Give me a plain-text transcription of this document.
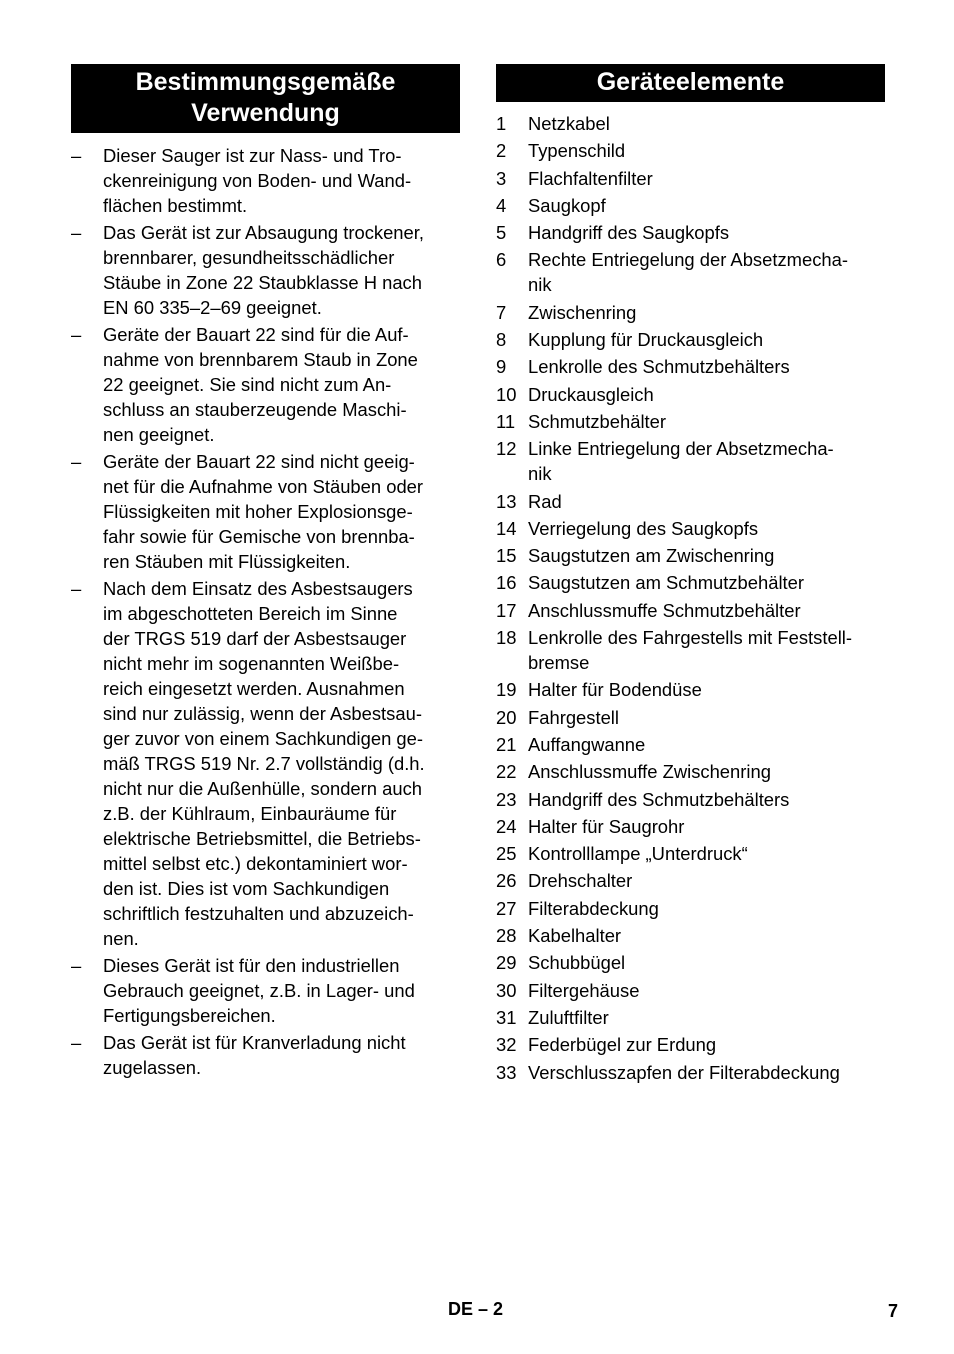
Bestimmungsgemäße
Verwendung
–	Dieser Sauger ist zur Nass- und Tro-
ckenreinigung von Boden- und Wand-
flächen bestimmt.
–	Das Gerät ist zur Absaugung trockener,
brennbarer, gesundheitsschädlicher
Stäube in Zone 22 Staubklasse H nach
EN 60 335–2–69 geeignet.
–	Geräte der Bauart 22 sind für die Auf-
nahme von brennbarem Staub in Zone
22 geeignet. Sie sind nicht zum An-
schluss an stauberzeugende Maschi-
nen geeignet.
–	Geräte der Bauart 22 sind nicht geeig-
net für die Aufnahme von Stäuben oder
Flüssigkeiten mit hoher Explosionsge-
fahr sowie für Gemische von brennba-
ren Stäuben mit Flüssigkeiten.
–	Nach dem Einsatz des Asbestsaugers
im abgeschotteten Bereich im Sinne
der TRGS 519 darf der Asbestsauger
nicht mehr im sogenannten Weißbe-
reich eingesetzt werden. Ausnahmen
sind nur zulässig, wenn der Asbestsau-
ger zuvor von einem Sachkundigen ge-
mäß TRGS 519 Nr. 2.7 vollständig (d.h.
nicht nur die Außenhülle, sondern auch
z.B. der Kühlraum, Einbauräume für
elektrische Betriebsmittel, die Betriebs-
mittel selbst etc.) dekontaminiert wor-
den ist. Dies ist vom Sachkundigen
schriftlich festzuhalten und abzuzeich-
nen.
–	Dieses Gerät ist für den industriellen
Gebrauch geeignet, z.B. in Lager- und
Fertigungsbereichen.
–	Das Gerät ist für Kranverladung nicht
zugelassen.
Geräteelemente
1	Netzkabel
2	Typenschild
3	Flachfaltenfilter
4	Saugkopf
5	Handgriff des Saugkopfs
6	Rechte Entriegelung der Absetzmecha-
nik
7	Zwischenring
8	Kupplung für Druckausgleich
9	Lenkrolle des Schmutzbehälters
10 Druckausgleich
11 Schmutzbehälter
12 Linke Entriegelung der Absetzmecha-
nik
13 Rad
14 Verriegelung des Saugkopfs
15 Saugstutzen am Zwischenring
16 Saugstutzen am Schmutzbehälter
17 Anschlussmuffe Schmutzbehälter
18 Lenkrolle des Fahrgestells mit Feststell-
bremse
19 Halter für Bodendüse
20 Fahrgestell
21 Auffangwanne
22 Anschlussmuffe Zwischenring
23 Handgriff des Schmutzbehälters
24 Halter für Saugrohr
25 Kontrolllampe „Unterdruck“
26 Drehschalter
27 Filterabdeckung
28 Kabelhalter
29 Schubbügel
30 Filtergehäuse
31 Zuluftfilter
32 Federbügel zur Erdung
33 Verschlusszapfen der Filterabdeckung
DE – 2	7
